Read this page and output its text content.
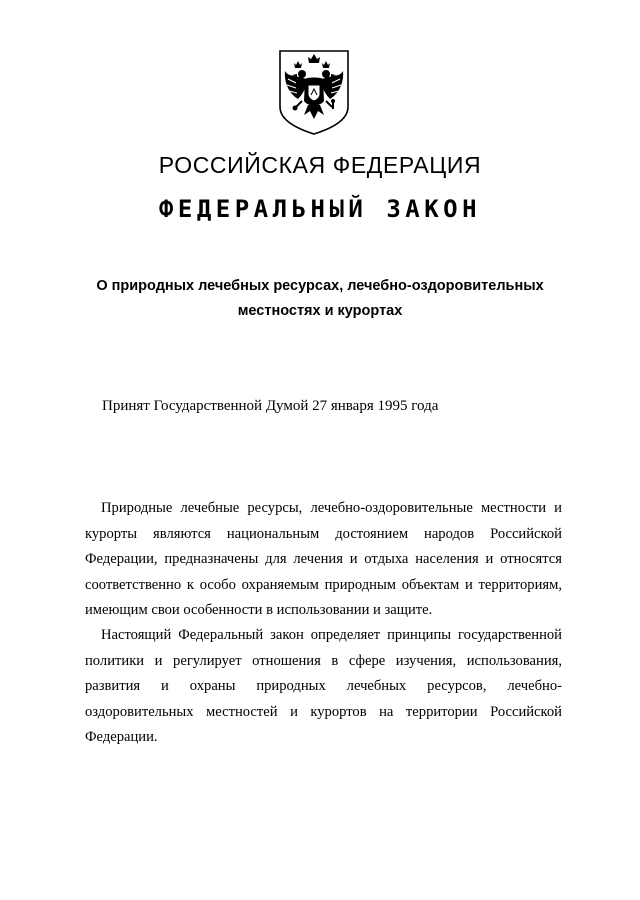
РОССИЙСКАЯ ФЕДЕРАЦИЯ
ФЕДЕРАЛЬНЫЙ ЗАКОН
О природных лечебных ресурсах, лечебно-оздоровительных
местностях и курортах
Принят Государственной Думой 27 января 1995 года

Природные лечебные ресурсы, лечебно-оздоровительные местности и
курорты являются национальным достоянием народов Российской
Федерации, предназначены для лечения и отдыха населения и относятся
соответственно к особо охраняемым природным объектам и территориям,
имеющим свои особенности в использовании и защите.

Настоящий Федеральный закон определяет принципы государственной
политики и регулирует отношения в сфере изучения, использования,
развития и охраны природных лечебных ресурсов, лечебно-
оздоровительных местностей и курортов на территории Российской
Федерации.
